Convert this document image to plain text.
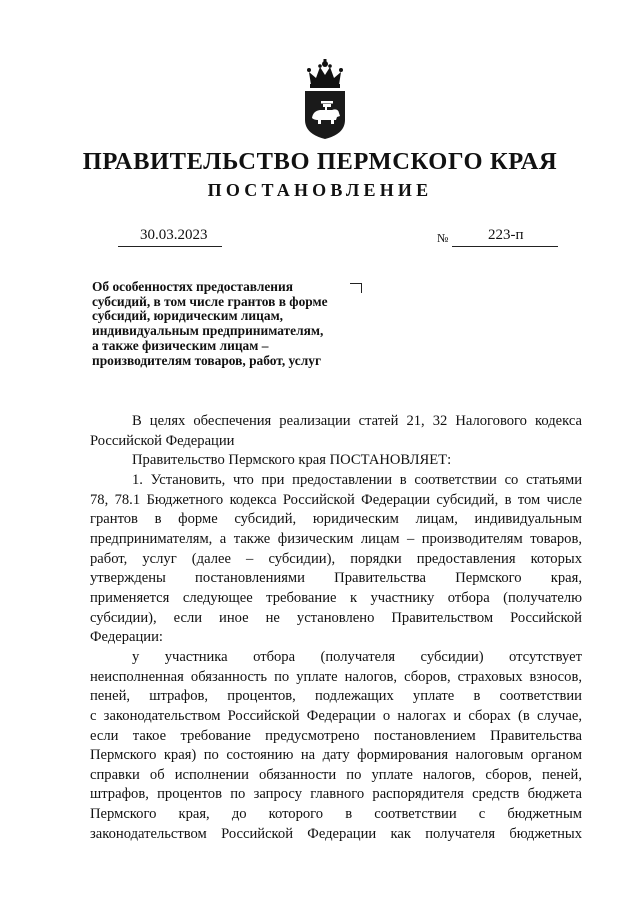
ПРАВИТЕЛЬСТВО ПЕРМСКОГО КРАЯ
ПОСТАНОВЛЕНИЕ
30.03.2023	№	223-п

Об особенностях предоставления
субсидий, в том числе грантов в форме
субсидий, юридическим лицам,
индивидуальным предпринимателям,
а также физическим лицам –
производителям товаров, работ, услуг

В целях обеспечения реализации статей 21, 32 Налогового кодекса
Российской Федерации
Правительство Пермского края ПОСТАНОВЛЯЕТ:
1. Установить, что при предоставлении в соответствии со статьями
78, 78.1 Бюджетного кодекса Российской Федерации субсидий, в том числе
грантов в форме субсидий, юридическим лицам, индивидуальным
предпринимателям, а также физическим лицам – производителям товаров,
работ, услуг (далее – субсидии), порядки предоставления которых
утверждены постановлениями Правительства Пермского края,
применяется следующее требование к участнику отбора (получателю
субсидии), если иное не установлено Правительством Российской
Федерации:
у участника отбора (получателя субсидии) отсутствует
неисполненная обязанность по уплате налогов, сборов, страховых взносов,
пеней, штрафов, процентов, подлежащих уплате в соответствии
с законодательством Российской Федерации о налогах и сборах (в случае,
если такое требование предусмотрено постановлением Правительства
Пермского края) по состоянию на дату формирования налоговым органом
справки об исполнении обязанности по уплате налогов, сборов, пеней,
штрафов, процентов по запросу главного распорядителя средств бюджета
Пермского края, до которого в соответствии с бюджетным
законодательством Российской Федерации как получателя бюджетных
